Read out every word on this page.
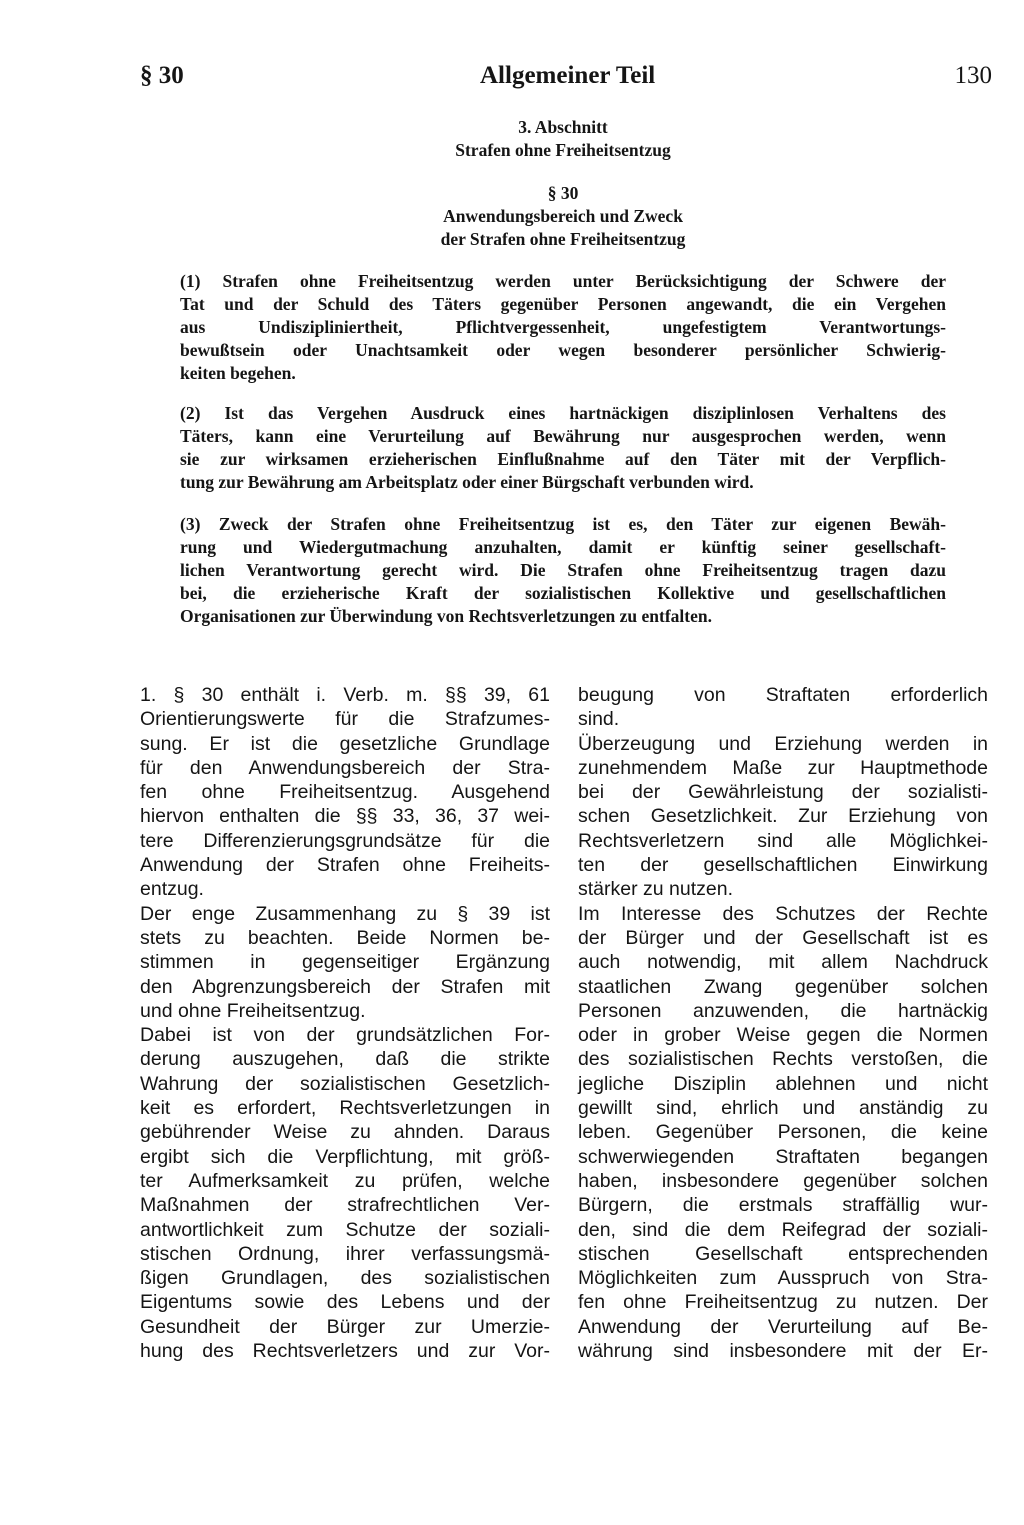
§ 30	Allgemeiner Teil	130
3. Abschnitt
Strafen ohne Freiheitsentzug
§ 30
Anwendungsbereich und Zweck
der Strafen ohne Freiheitsentzug
(1) Strafen ohne Freiheitsentzug werden unter Berücksichtigung der Schwere der
Tat und der Schuld des Täters gegenüber Personen angewandt, die ein Vergehen
aus Undiszipliniertheit, Pflichtvergessenheit, ungefestigtem Verantwortungs-
bewußtsein oder Unachtsamkeit oder wegen besonderer persönlicher Schwierig-
keiten begehen.
(2) Ist das Vergehen Ausdruck eines hartnäckigen disziplinlosen Verhaltens des
Täters, kann eine Verurteilung auf Bewährung nur ausgesprochen werden, wenn
sie zur wirksamen erzieherischen Einflußnahme auf den Täter mit der Verpflich-
tung zur Bewährung am Arbeitsplatz oder einer Bürgschaft verbunden wird.
(3) Zweck der Strafen ohne Freiheitsentzug ist es, den Täter zur eigenen Bewäh-
rung und Wiedergutmachung anzuhalten, damit er künftig seiner gesellschaft-
lichen Verantwortung gerecht wird. Die Strafen ohne Freiheitsentzug tragen dazu
bei, die erzieherische Kraft der sozialistischen Kollektive und gesellschaftlichen
Organisationen zur Überwindung von Rechtsverletzungen zu entfalten.
1. § 30 enthält i. Verb. m. §§ 39, 61
Orientierungswerte für die Strafzumes-
sung. Er ist die gesetzliche Grundlage
für den Anwendungsbereich der Stra-
fen ohne Freiheitsentzug. Ausgehend
hiervon enthalten die §§ 33, 36, 37 wei-
tere Differenzierungsgrundsätze für die
Anwendung der Strafen ohne Freiheits-
entzug.
Der enge Zusammenhang zu § 39 ist
stets zu beachten. Beide Normen be-
stimmen in gegenseitiger Ergänzung
den Abgrenzungsbereich der Strafen mit
und ohne Freiheitsentzug.
Dabei ist von der grundsätzlichen For-
derung auszugehen, daß die strikte
Wahrung der sozialistischen Gesetzlich-
keit es erfordert, Rechtsverletzungen in
gebührender Weise zu ahnden. Daraus
ergibt sich die Verpflichtung, mit größ-
ter Aufmerksamkeit zu prüfen, welche
Maßnahmen der strafrechtlichen Ver-
antwortlichkeit zum Schutze der soziali-
stischen Ordnung, ihrer verfassungsmä-
ßigen Grundlagen, des sozialistischen
Eigentums sowie des Lebens und der
Gesundheit der Bürger zur Umerzie-
hung des Rechtsverletzers und zur Vor-
beugung von Straftaten erforderlich
sind.
Überzeugung und Erziehung werden in
zunehmendem Maße zur Hauptmethode
bei der Gewährleistung der sozialisti-
schen Gesetzlichkeit. Zur Erziehung von
Rechtsverletzern sind alle Möglichkei-
ten der gesellschaftlichen Einwirkung
stärker zu nutzen.
Im Interesse des Schutzes der Rechte
der Bürger und der Gesellschaft ist es
auch notwendig, mit allem Nachdruck
staatlichen Zwang gegenüber solchen
Personen anzuwenden, die hartnäckig
oder in grober Weise gegen die Normen
des sozialistischen Rechts verstoßen, die
jegliche Disziplin ablehnen und nicht
gewillt sind, ehrlich und anständig zu
leben. Gegenüber Personen, die keine
schwerwiegenden Straftaten begangen
haben, insbesondere gegenüber solchen
Bürgern, die erstmals straffällig wur-
den, sind die dem Reifegrad der soziali-
stischen Gesellschaft entsprechenden
Möglichkeiten zum Ausspruch von Stra-
fen ohne Freiheitsentzug zu nutzen. Der
Anwendung der Verurteilung auf Be-
währung sind insbesondere mit der Er-
